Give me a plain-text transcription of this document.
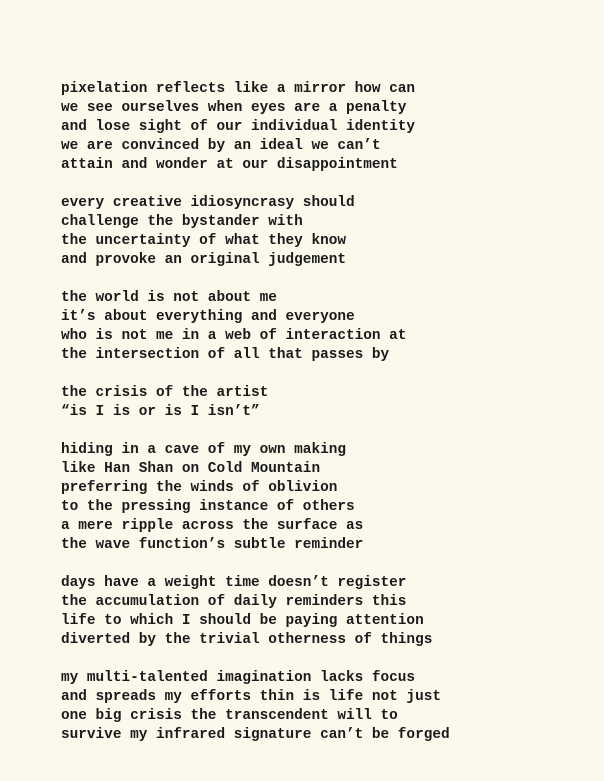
pixelation reflects like a mirror how can
we see ourselves when eyes are a penalty
and lose sight of our individual identity
we are convinced by an ideal we can’t
attain and wonder at our disappointment
every creative idiosyncrasy should
challenge the bystander with
the uncertainty of what they know
and provoke an original judgement
the world is not about me
it’s about everything and everyone
who is not me in a web of interaction at
the intersection of all that passes by
the crisis of the artist
“is I is or is I isn’t”
hiding in a cave of my own making
like Han Shan on Cold Mountain
preferring the winds of oblivion
to the pressing instance of others
a mere ripple across the surface as
the wave function’s subtle reminder
days have a weight time doesn’t register
the accumulation of daily reminders this
life to which I should be paying attention
diverted by the trivial otherness of things
my multi-talented imagination lacks focus
and spreads my efforts thin is life not just
one big crisis the transcendent will to
survive my infrared signature can’t be forged
